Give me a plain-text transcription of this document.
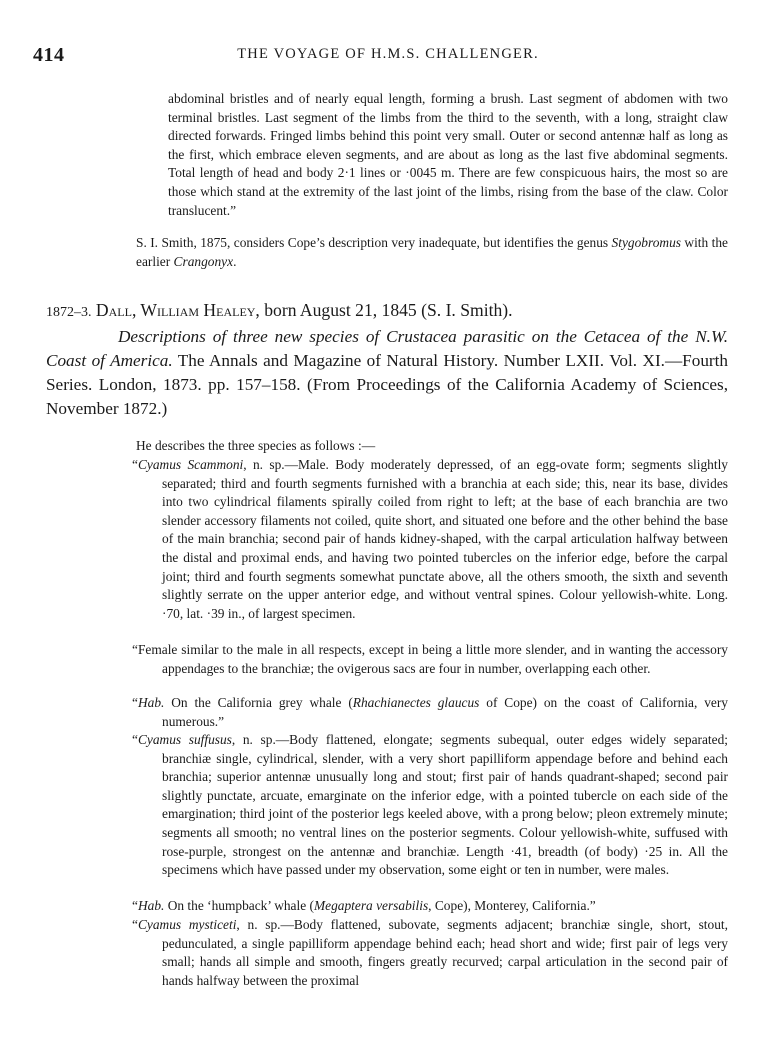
414	THE VOYAGE OF H.M.S. CHALLENGER.

abdominal bristles and of nearly equal length, forming a brush. Last segment of abdomen with two terminal bristles. Last segment of the limbs from the third to the seventh, with a long, straight claw directed forwards. Fringed limbs behind this point very small. Outer or second antennæ half as long as the first, which embrace eleven segments, and are about as long as the last five abdominal segments. Total length of head and body 2·1 lines or ·0045 m. There are few conspicuous hairs, the most so are those which stand at the extremity of the last joint of the limbs, rising from the base of the claw. Color translucent.”

S. I. Smith, 1875, considers Cope’s description very inadequate, but identifies the genus Stygobromus with the earlier Crangonyx.

1872–3. Dall, William Healey, born August 21, 1845 (S. I. Smith).

Descriptions of three new species of Crustacea parasitic on the Cetacea of the N.W. Coast of America. The Annals and Magazine of Natural History. Number LXII. Vol. XI.—Fourth Series. London, 1873. pp. 157–158. (From Proceedings of the California Academy of Sciences, November 1872.)

He describes the three species as follows :—
“Cyamus Scammoni, n. sp.—Male. Body moderately depressed, of an egg-ovate form; segments slightly separated; third and fourth segments furnished with a branchia at each side; this, near its base, divides into two cylindrical filaments spirally coiled from right to left; at the base of each branchia are two slender accessory filaments not coiled, quite short, and situated one before and the other behind the base of the main branchia; second pair of hands kidney-shaped, with the carpal articulation halfway between the distal and proximal ends, and having two pointed tubercles on the inferior edge, before the carpal joint; third and fourth segments somewhat punctate above, all the others smooth, the sixth and seventh slightly serrate on the upper anterior edge, and without ventral spines. Colour yellowish-white. Long. ·70, lat. ·39 in., of largest specimen.
“Female similar to the male in all respects, except in being a little more slender, and in wanting the accessory appendages to the branchiæ; the ovigerous sacs are four in number, overlapping each other.
“Hab. On the California grey whale (Rhachianectes glaucus of Cope) on the coast of California, very numerous.”
“Cyamus suffusus, n. sp.—Body flattened, elongate; segments subequal, outer edges widely separated; branchiæ single, cylindrical, slender, with a very short papilliform appendage before and behind each branchia; superior antennæ unusually long and stout; first pair of hands quadrant-shaped; second pair slightly punctate, arcuate, emarginate on the inferior edge, with a pointed tubercle on each side of the emargination; third joint of the posterior legs keeled above, with a prong below; pleon extremely minute; segments all smooth; no ventral lines on the posterior segments. Colour yellowish-white, suffused with rose-purple, strongest on the antennæ and branchiæ. Length ·41, breadth (of body) ·25 in. All the specimens which have passed under my observation, some eight or ten in number, were males.
“Hab. On the ‘humpback’ whale (Megaptera versabilis, Cope), Monterey, California.”
“Cyamus mysticeti, n. sp.—Body flattened, subovate, segments adjacent; branchiæ single, short, stout, pedunculated, a single papilliform appendage behind each; head short and wide; first pair of legs very small; hands all simple and smooth, fingers greatly recurved; carpal articulation in the second pair of hands halfway between the proximal
